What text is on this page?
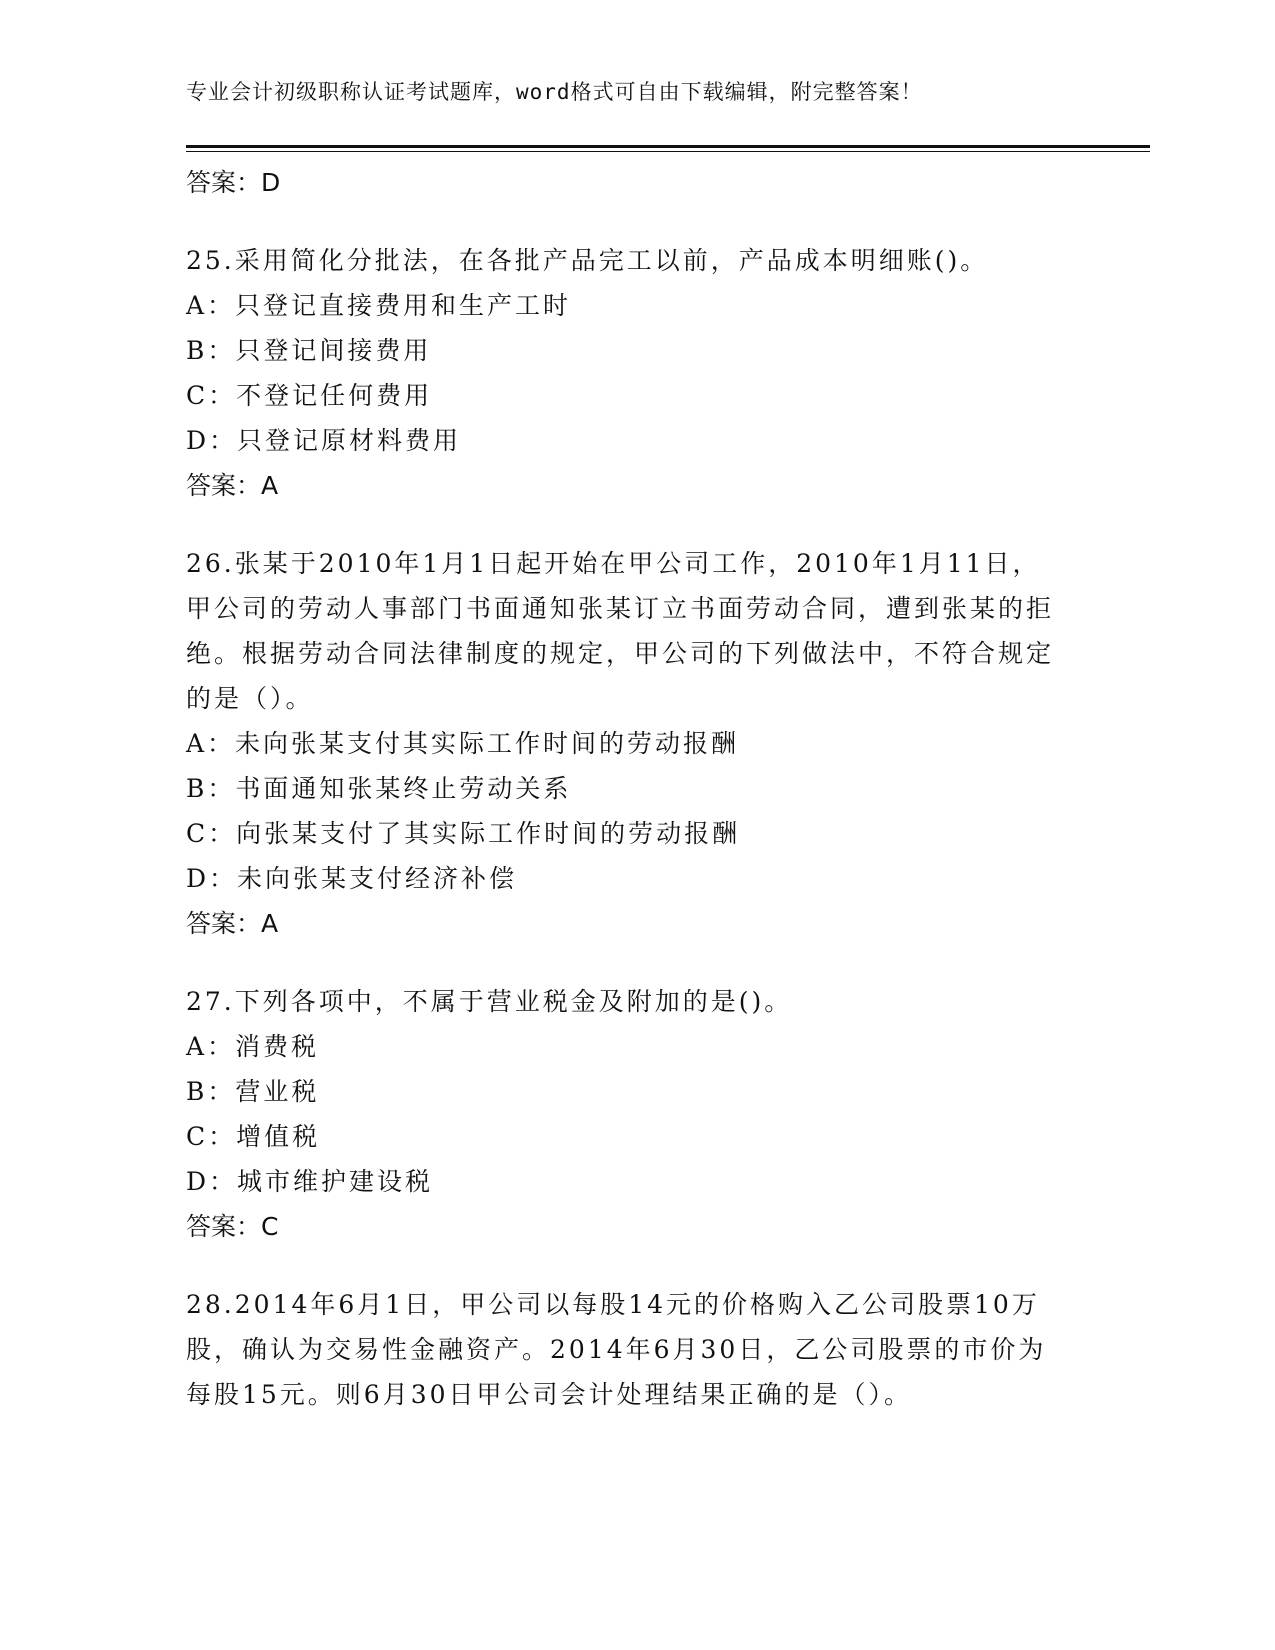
专业会计初级职称认证考试题库，word格式可自由下载编辑，附完整答案！
答案：D
25.采用简化分批法，在各批产品完工以前，产品成本明细账()。
A：只登记直接费用和生产工时
B：只登记间接费用
C：不登记任何费用
D：只登记原材料费用
答案：A
26.张某于2010年1月1日起开始在甲公司工作，2010年1月11日，甲公司的劳动人事部门书面通知张某订立书面劳动合同，遭到张某的拒绝。根据劳动合同法律制度的规定，甲公司的下列做法中，不符合规定的是（）。
A：未向张某支付其实际工作时间的劳动报酬
B：书面通知张某终止劳动关系
C：向张某支付了其实际工作时间的劳动报酬
D：未向张某支付经济补偿
答案：A
27.下列各项中，不属于营业税金及附加的是()。
A：消费税
B：营业税
C：增值税
D：城市维护建设税
答案：C
28.2014年6月1日，甲公司以每股14元的价格购入乙公司股票10万股，确认为交易性金融资产。2014年6月30日，乙公司股票的市价为每股15元。则6月30日甲公司会计处理结果正确的是（）。
